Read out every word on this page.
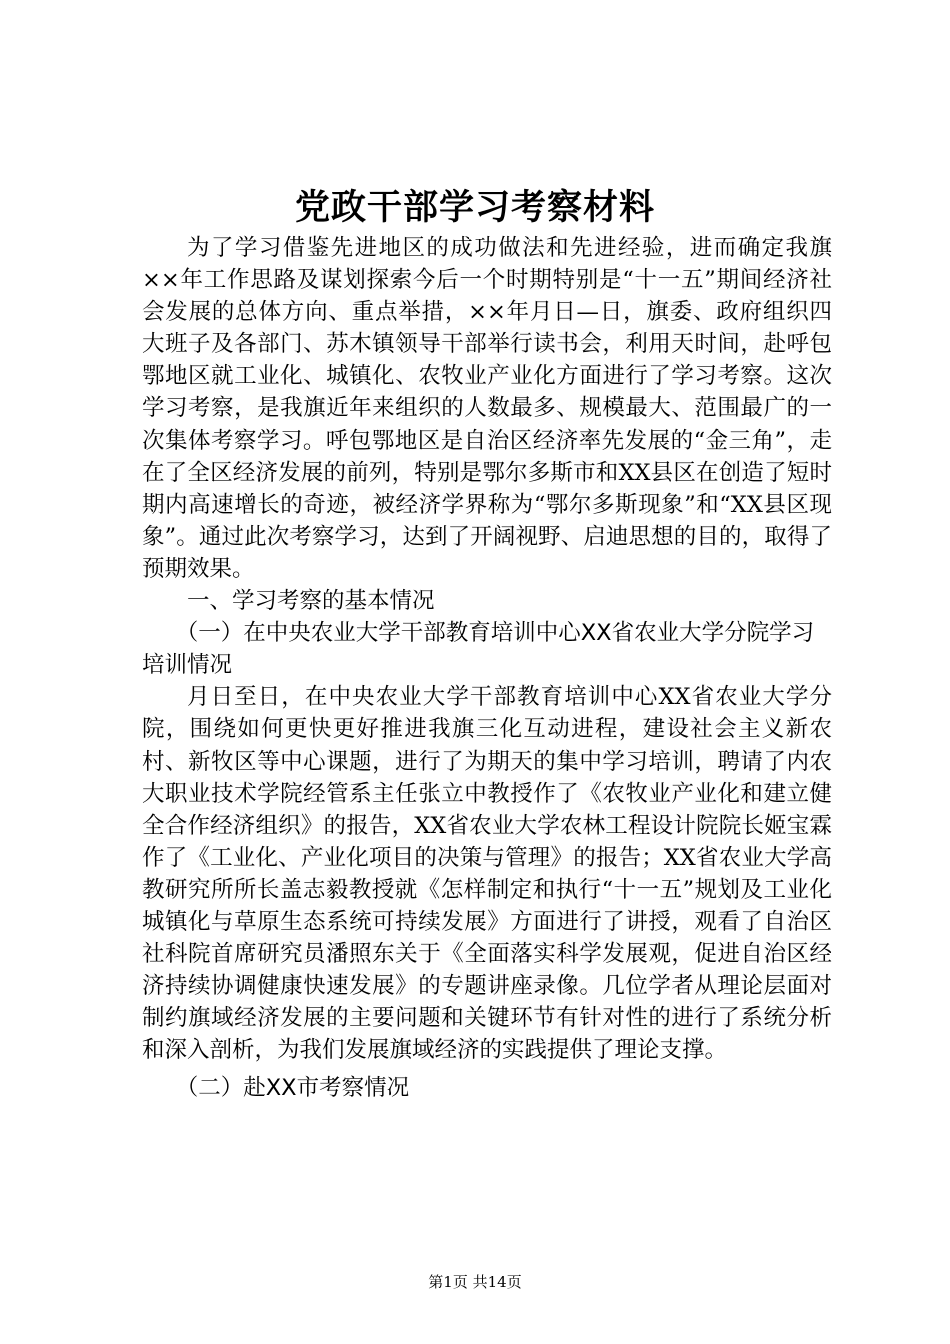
党政干部学习考察材料

为了学习借鉴先进地区的成功做法和先进经验，进而确定我旗××年工作思路及谋划探索今后一个时期特别是“十一五”期间经济社会发展的总体方向、重点举措，××年月日—日，旗委、政府组织四大班子及各部门、苏木镇领导干部举行读书会，利用天时间，赴呼包鄂地区就工业化、城镇化、农牧业产业化方面进行了学习考察。这次学习考察，是我旗近年来组织的人数最多、规模最大、范围最广的一次集体考察学习。呼包鄂地区是自治区经济率先发展的“金三角”，走在了全区经济发展的前列，特别是鄂尔多斯市和XX县区在创造了短时期内高速增长的奇迹，被经济学界称为“鄂尔多斯现象”和“XX县区现象”。通过此次考察学习，达到了开阔视野、启迪思想的目的，取得了预期效果。

一、学习考察的基本情况
（一）在中央农业大学干部教育培训中心XX省农业大学分院学习培训情况

月日至日，在中央农业大学干部教育培训中心XX省农业大学分院，围绕如何更快更好推进我旗三化互动进程，建设社会主义新农村、新牧区等中心课题，进行了为期天的集中学习培训，聘请了内农大职业技术学院经管系主任张立中教授作了《农牧业产业化和建立健全合作经济组织》的报告，XX省农业大学农林工程设计院院长姬宝霖作了《工业化、产业化项目的决策与管理》的报告；XX省农业大学高教研究所所长盖志毅教授就《怎样制定和执行“十一五”规划及工业化城镇化与草原生态系统可持续发展》方面进行了讲授，观看了自治区社科院首席研究员潘照东关于《全面落实科学发展观，促进自治区经济持续协调健康快速发展》的专题讲座录像。几位学者从理论层面对制约旗域经济发展的主要问题和关键环节有针对性的进行了系统分析和深入剖析，为我们发展旗域经济的实践提供了理论支撑。

（二）赴XX市考察情况
第1页 共14页
